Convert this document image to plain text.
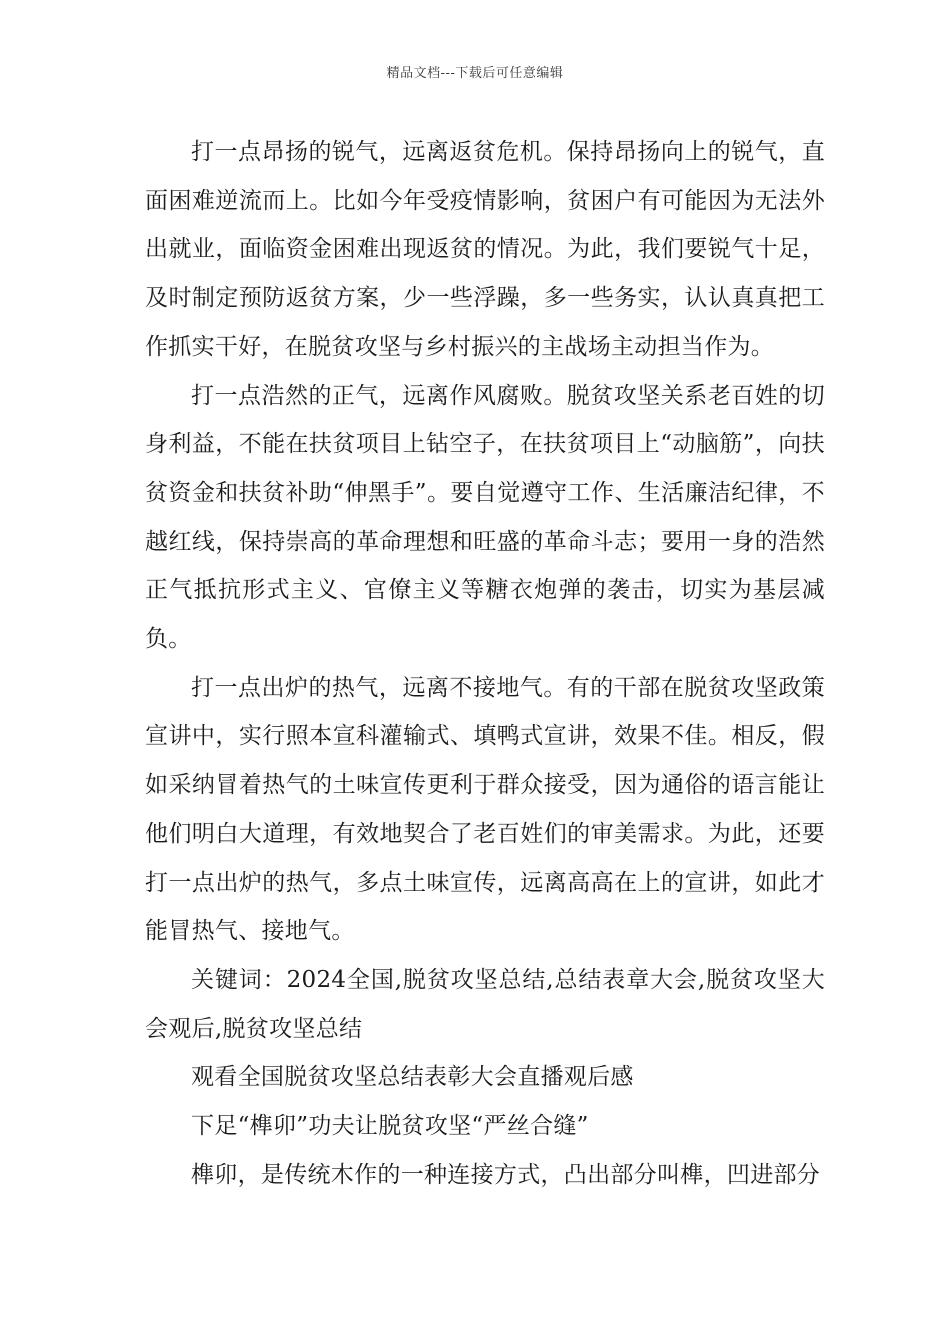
精品文档---下载后可任意编辑

打一点昂扬的锐气，远离返贫危机。保持昂扬向上的锐气，直面困难逆流而上。比如今年受疫情影响，贫困户有可能因为无法外出就业，面临资金困难出现返贫的情况。为此，我们要锐气十足，及时制定预防返贫方案，少一些浮躁，多一些务实，认认真真把工作抓实干好，在脱贫攻坚与乡村振兴的主战场主动担当作为。

打一点浩然的正气，远离作风腐败。脱贫攻坚关系老百姓的切身利益，不能在扶贫项目上钻空子，在扶贫项目上“动脑筋”，向扶贫资金和扶贫补助“伸黑手”。要自觉遵守工作、生活廉洁纪律，不越红线，保持崇高的革命理想和旺盛的革命斗志；要用一身的浩然正气抵抗形式主义、官僚主义等糖衣炮弹的袭击，切实为基层减负。

打一点出炉的热气，远离不接地气。有的干部在脱贫攻坚政策宣讲中，实行照本宣科灌输式、填鸭式宣讲，效果不佳。相反，假如采纳冒着热气的土味宣传更利于群众接受，因为通俗的语言能让他们明白大道理，有效地契合了老百姓们的审美需求。为此，还要打一点出炉的热气，多点土味宣传，远离高高在上的宣讲，如此才能冒热气、接地气。

关键词：2024全国,脱贫攻坚总结,总结表章大会,脱贫攻坚大会观后,脱贫攻坚总结

观看全国脱贫攻坚总结表彰大会直播观后感

下足“榫卯”功夫让脱贫攻坚“严丝合缝”

榫卯，是传统木作的一种连接方式，凸出部分叫榫，凹进部分
